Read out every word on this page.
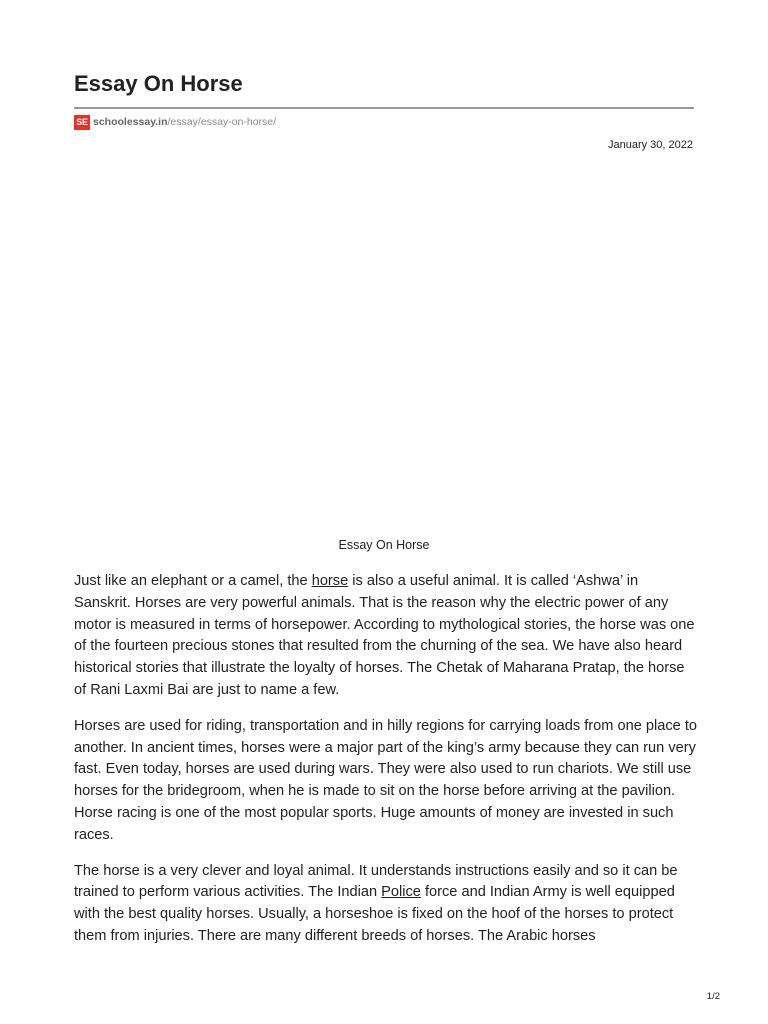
Essay On Horse
SE schoolessay.in /essay/essay-on-horse/
January 30, 2022
Essay On Horse

Just like an elephant or a camel, the horse is also a useful animal. It is called ‘Ashwa’ in Sanskrit. Horses are very powerful animals. That is the reason why the electric power of any motor is measured in terms of horsepower. According to mythological stories, the horse was one of the fourteen precious stones that resulted from the churning of the sea. We have also heard historical stories that illustrate the loyalty of horses. The Chetak of Maharana Pratap, the horse of Rani Laxmi Bai are just to name a few.

Horses are used for riding, transportation and in hilly regions for carrying loads from one place to another. In ancient times, horses were a major part of the king’s army because they can run very fast. Even today, horses are used during wars. They were also used to run chariots. We still use horses for the bridegroom, when he is made to sit on the horse before arriving at the pavilion. Horse racing is one of the most popular sports. Huge amounts of money are invested in such races.

The horse is a very clever and loyal animal. It understands instructions easily and so it can be trained to perform various activities. The Indian Police force and Indian Army is well equipped with the best quality horses. Usually, a horseshoe is fixed on the hoof of the horses to protect them from injuries. There are many different breeds of horses. The Arabic horses

1/2
